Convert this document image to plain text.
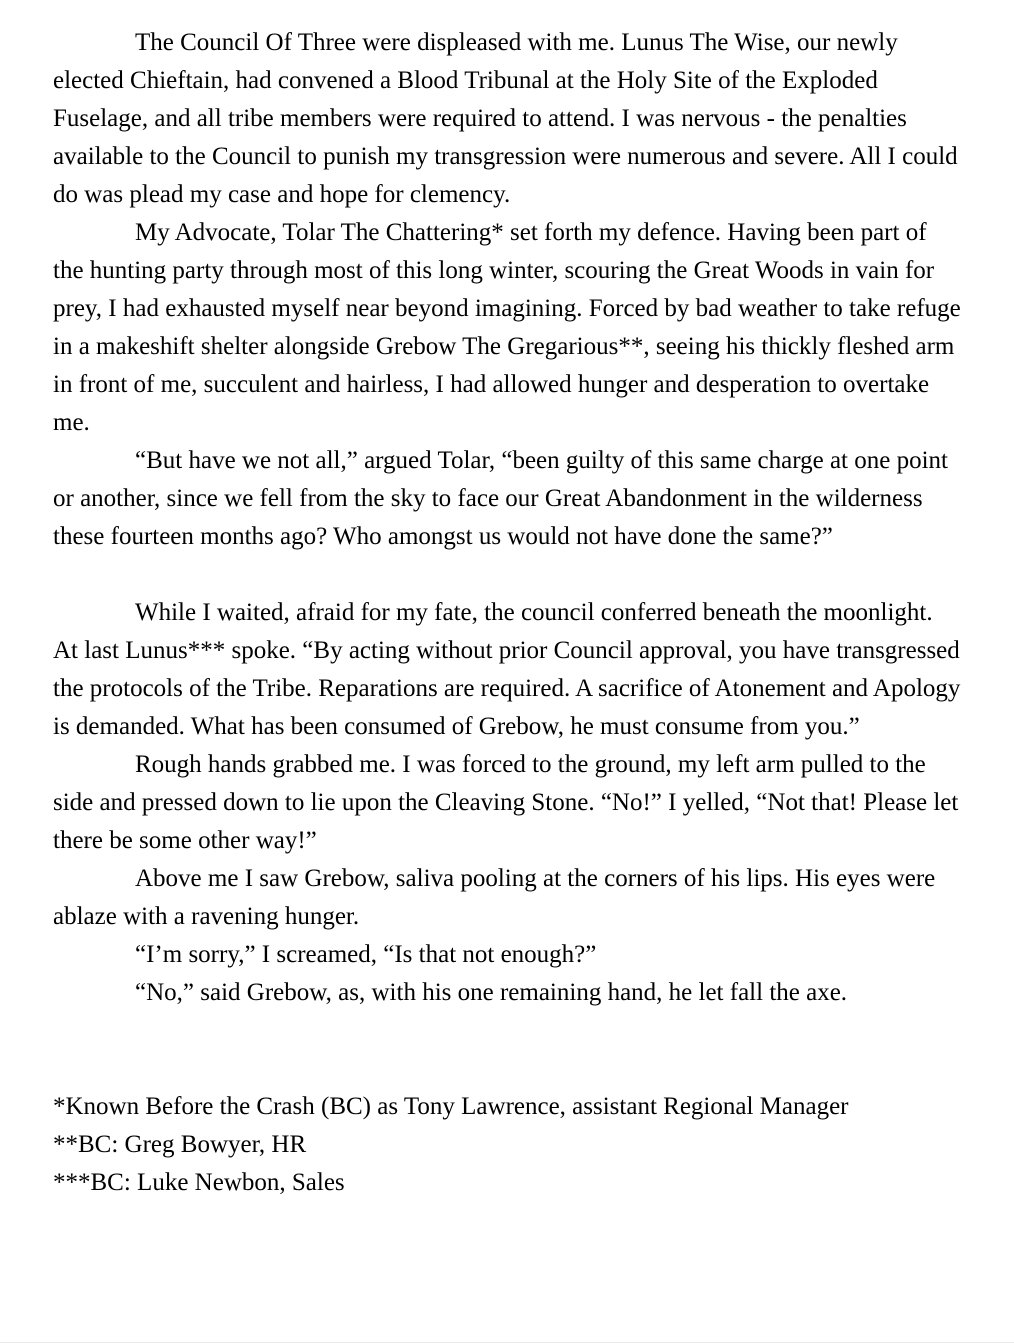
The Council Of Three were displeased with me. Lunus The Wise, our newly elected Chieftain, had convened a Blood Tribunal at the Holy Site of the Exploded Fuselage, and all tribe members were required to attend. I was nervous - the penalties available to the Council to punish my transgression were numerous and severe. All I could do was plead my case and hope for clemency.

My Advocate, Tolar The Chattering* set forth my defence. Having been part of the hunting party through most of this long winter, scouring the Great Woods in vain for prey, I had exhausted myself near beyond imagining. Forced by bad weather to take refuge in a makeshift shelter alongside Grebow The Gregarious**, seeing his thickly fleshed arm in front of me, succulent and hairless, I had allowed hunger and desperation to overtake me.

“But have we not all,” argued Tolar, “been guilty of this same charge at one point or another, since we fell from the sky to face our Great Abandonment in the wilderness these fourteen months ago? Who amongst us would not have done the same?”

While I waited, afraid for my fate, the council conferred beneath the moonlight. At last Lunus*** spoke. “By acting without prior Council approval, you have transgressed the protocols of the Tribe. Reparations are required. A sacrifice of Atonement and Apology is demanded. What has been consumed of Grebow, he must consume from you.”

Rough hands grabbed me. I was forced to the ground, my left arm pulled to the side and pressed down to lie upon the Cleaving Stone. “No!” I yelled, “Not that! Please let there be some other way!”

Above me I saw Grebow, saliva pooling at the corners of his lips. His eyes were ablaze with a ravening hunger.

“I’m sorry,” I screamed, “Is that not enough?”

“No,” said Grebow, as, with his one remaining hand, he let fall the axe.

*Known Before the Crash (BC) as Tony Lawrence, assistant Regional Manager

**BC: Greg Bowyer, HR

***BC: Luke Newbon, Sales
